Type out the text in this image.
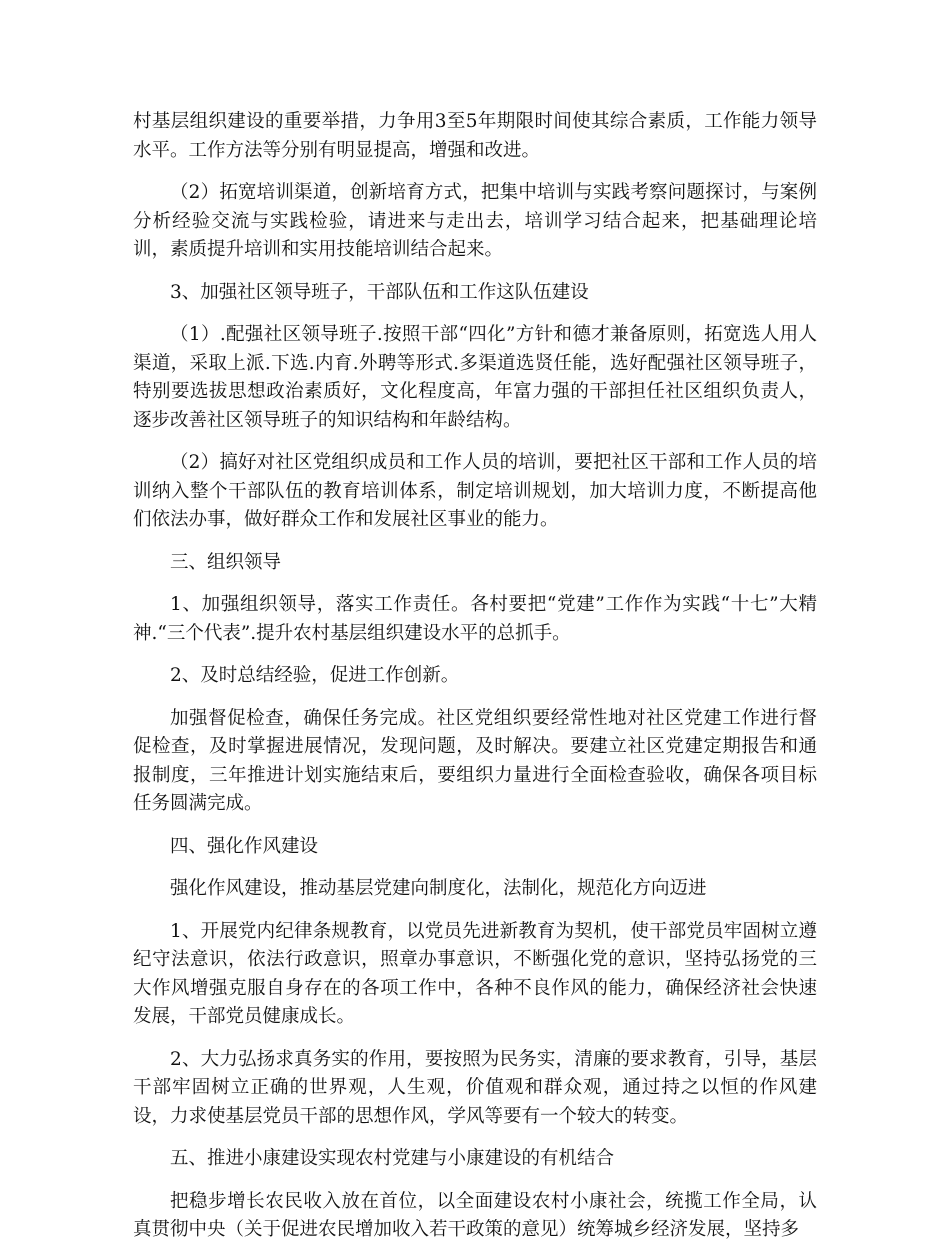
村基层组织建设的重要举措，力争用3至5年期限时间使其综合素质，工作能力领导水平。工作方法等分别有明显提高，增强和改进。

（2）拓宽培训渠道，创新培育方式，把集中培训与实践考察问题探讨，与案例分析经验交流与实践检验，请进来与走出去，培训学习结合起来，把基础理论培训，素质提升培训和实用技能培训结合起来。

3、加强社区领导班子，干部队伍和工作这队伍建设

（1）.配强社区领导班子.按照干部“四化”方针和德才兼备原则，拓宽选人用人渠道，采取上派.下选.内育.外聘等形式.多渠道选贤任能，选好配强社区领导班子，特别要选拔思想政治素质好，文化程度高，年富力强的干部担任社区组织负责人，逐步改善社区领导班子的知识结构和年龄结构。

（2）搞好对社区党组织成员和工作人员的培训，要把社区干部和工作人员的培训纳入整个干部队伍的教育培训体系，制定培训规划，加大培训力度，不断提高他们依法办事，做好群众工作和发展社区事业的能力。

三、组织领导

1、加强组织领导，落实工作责任。各村要把“党建”工作作为实践“十七”大精神.“三个代表”.提升农村基层组织建设水平的总抓手。

2、及时总结经验，促进工作创新。

加强督促检查，确保任务完成。社区党组织要经常性地对社区党建工作进行督促检查，及时掌握进展情况，发现问题，及时解决。要建立社区党建定期报告和通报制度，三年推进计划实施结束后，要组织力量进行全面检查验收，确保各项目标任务圆满完成。

四、强化作风建设

强化作风建设，推动基层党建向制度化，法制化，规范化方向迈进

1、开展党内纪律条规教育，以党员先进新教育为契机，使干部党员牢固树立遵纪守法意识，依法行政意识，照章办事意识，不断强化党的意识，坚持弘扬党的三大作风增强克服自身存在的各项工作中，各种不良作风的能力，确保经济社会快速发展，干部党员健康成长。

2、大力弘扬求真务实的作用，要按照为民务实，清廉的要求教育，引导，基层干部牢固树立正确的世界观，人生观，价值观和群众观，通过持之以恒的作风建设，力求使基层党员干部的思想作风，学风等要有一个较大的转变。

五、推进小康建设实现农村党建与小康建设的有机结合

把稳步增长农民收入放在首位，以全面建设农村小康社会，统揽工作全局，认真贯彻中央（关于促进农民增加收入若干政策的意见）统筹城乡经济发展，坚持多
